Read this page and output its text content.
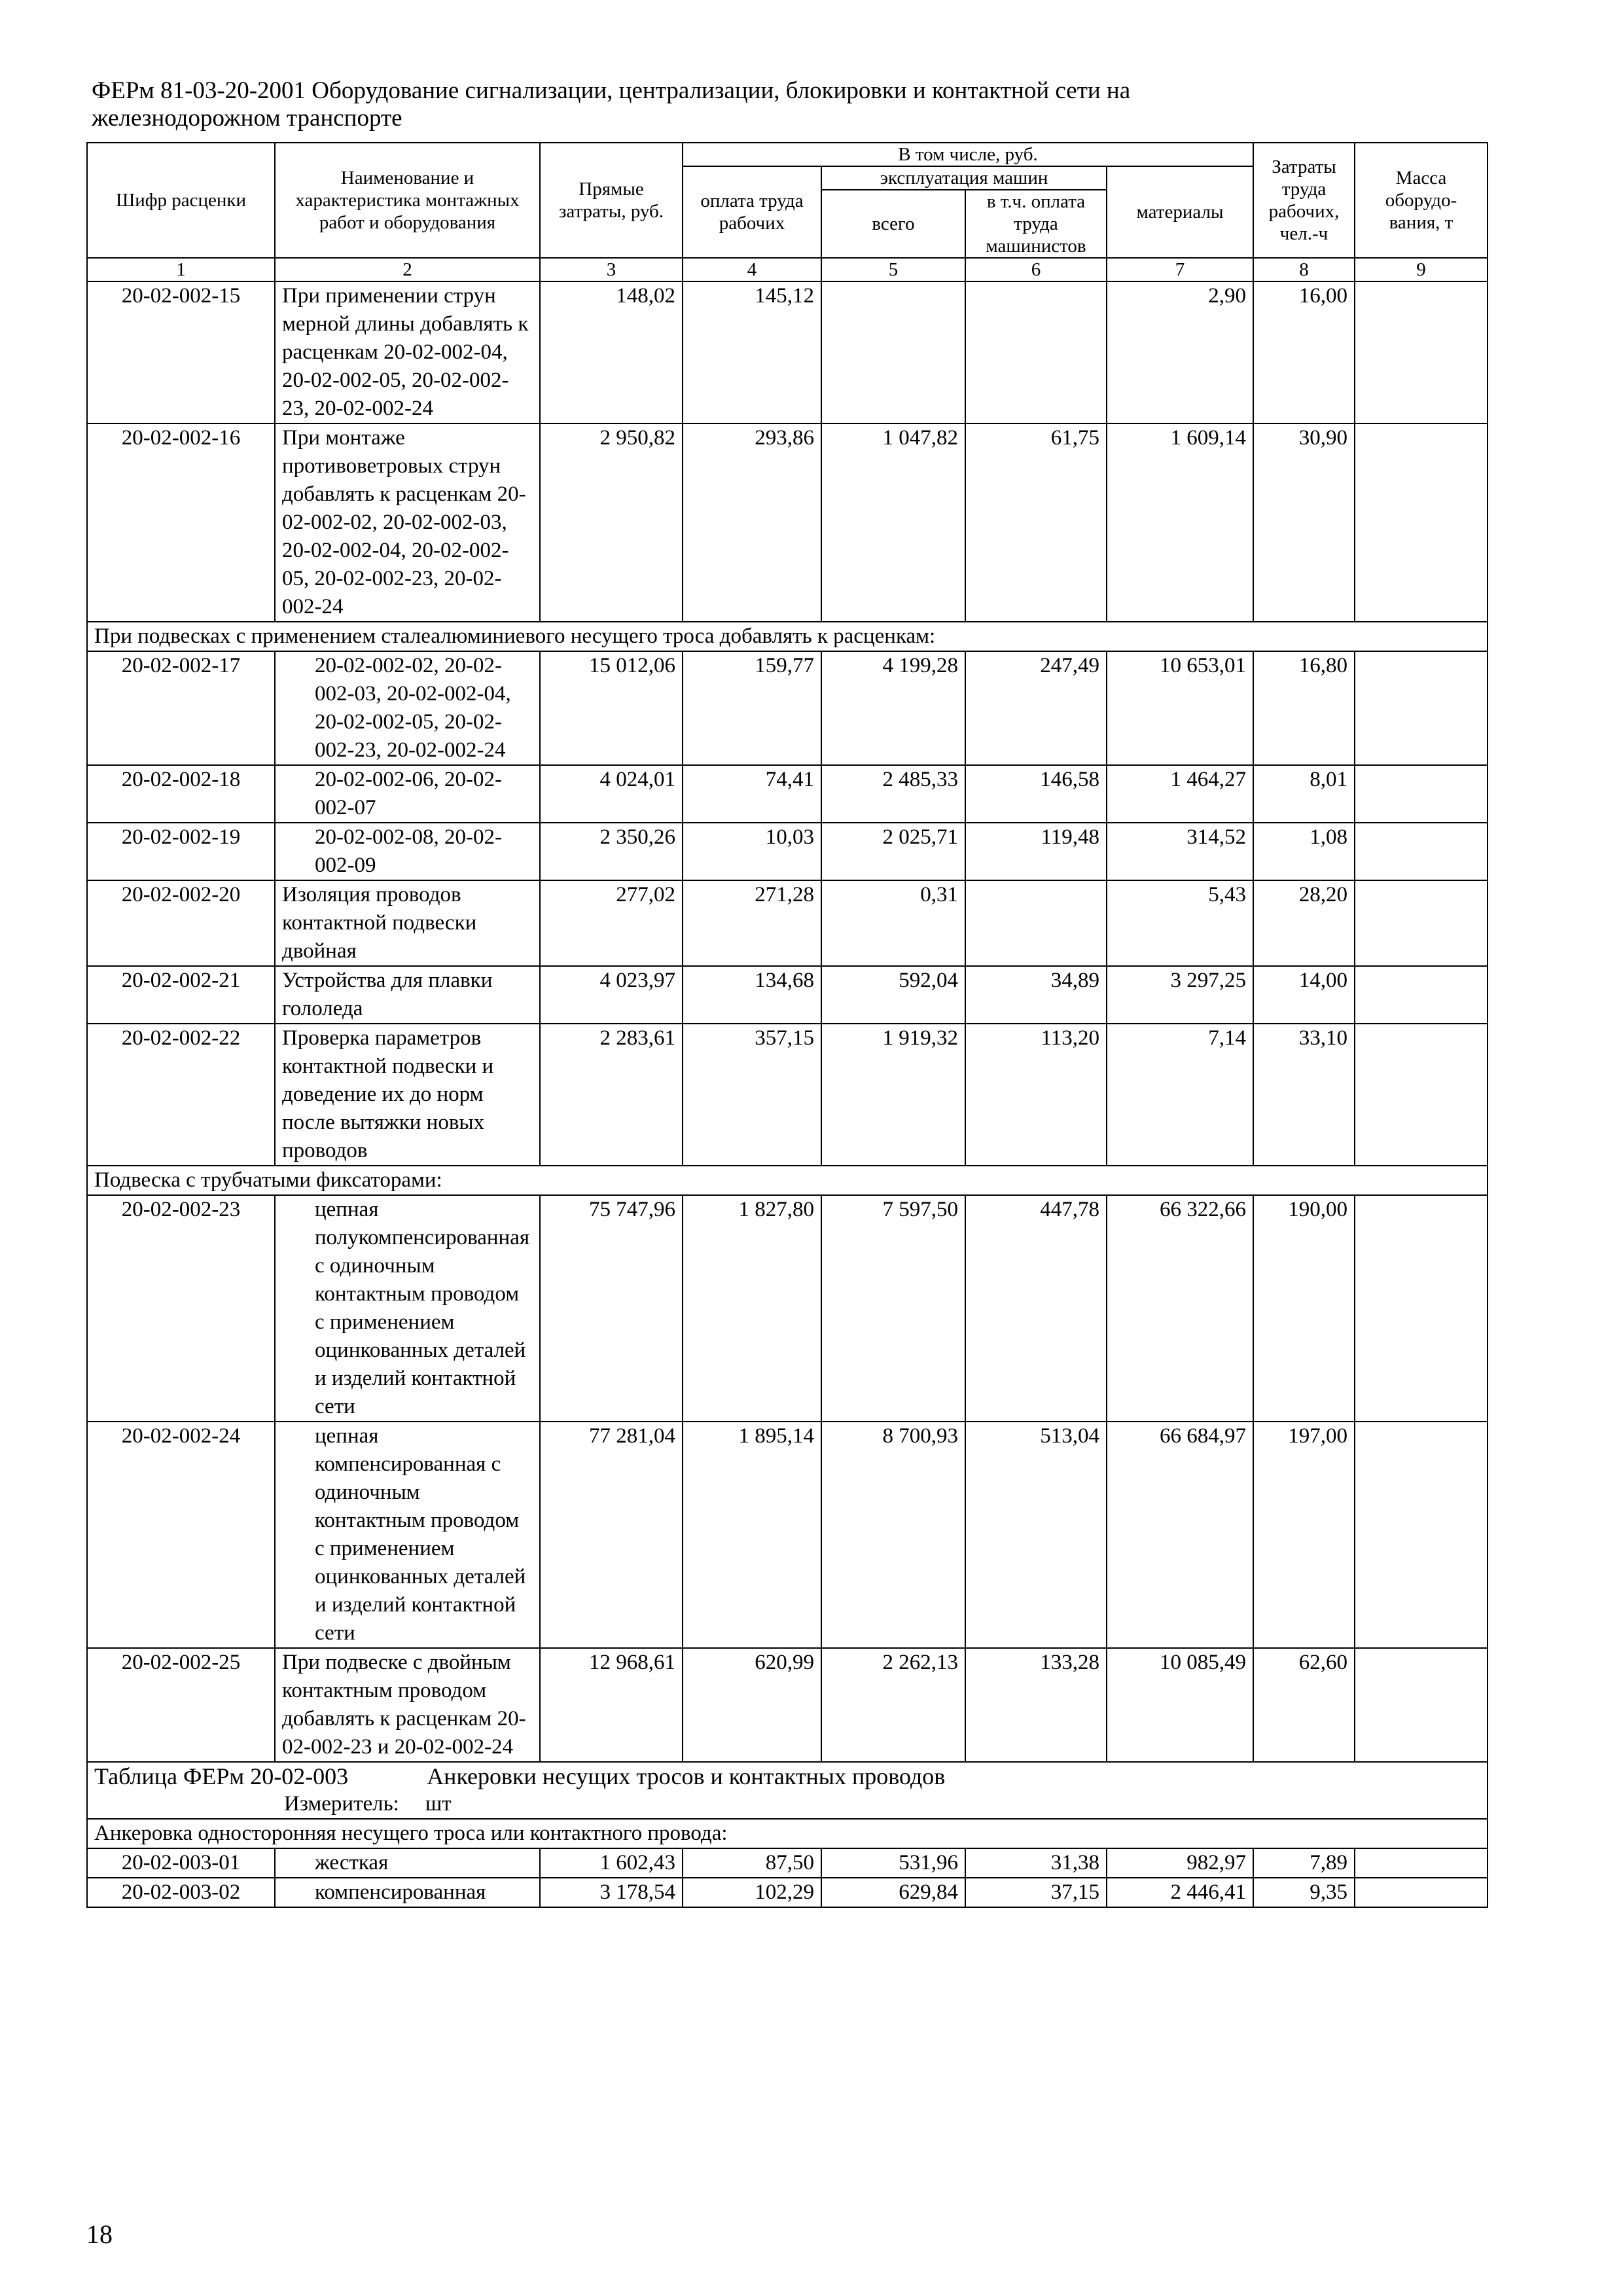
ФЕРм 81-03-20-2001 Оборудование сигнализации, централизации, блокировки и контактной сети на
железнодорожном транспорте
Шифр расценки	Наименование и характеристика монтажных работ и оборудования	Прямые затраты, руб.	В том числе, руб.				Затраты труда рабочих, чел.-ч	Масса оборудо- вания, т
			оплата труда рабочих	эксплуатация машин		материалы		
				всего	в т.ч. оплата труда машинистов			
1	2	3	4	5	6	7	8	9
20-02-002-15	При применении струн мерной длины добавлять к расценкам 20-02-002-04, 20-02-002-05, 20-02-002-23, 20-02-002-24	148,02	145,12			2,90	16,00	
20-02-002-16	При монтаже противоветровых струн добавлять к расценкам 20-02-002-02, 20-02-002-03, 20-02-002-04, 20-02-002-05, 20-02-002-23, 20-02-002-24	2 950,82	293,86	1 047,82	61,75	1 609,14	30,90	
При подвесках с применением сталеалюминиевого несущего троса добавлять к расценкам:								
20-02-002-17	20-02-002-02, 20-02-002-03, 20-02-002-04, 20-02-002-05, 20-02-002-23, 20-02-002-24	15 012,06	159,77	4 199,28	247,49	10 653,01	16,80	
20-02-002-18	20-02-002-06, 20-02-002-07	4 024,01	74,41	2 485,33	146,58	1 464,27	8,01	
20-02-002-19	20-02-002-08, 20-02-002-09	2 350,26	10,03	2 025,71	119,48	314,52	1,08	
20-02-002-20	Изоляция проводов контактной подвески двойная	277,02	271,28	0,31		5,43	28,20	
20-02-002-21	Устройства для плавки гололеда	4 023,97	134,68	592,04	34,89	3 297,25	14,00	
20-02-002-22	Проверка параметров контактной подвески и доведение их до норм после вытяжки новых проводов	2 283,61	357,15	1 919,32	113,20	7,14	33,10	
Подвеска с трубчатыми фиксаторами:								
20-02-002-23	цепная полукомпенсированная с одиночным контактным проводом с применением оцинкованных деталей и изделий контактной сети	75 747,96	1 827,80	7 597,50	447,78	66 322,66	190,00	
20-02-002-24	цепная компенсированная с одиночным контактным проводом с применением оцинкованных деталей и изделий контактной сети	77 281,04	1 895,14	8 700,93	513,04	66 684,97	197,00	
20-02-002-25	При подвеске с двойным контактным проводом добавлять к расценкам 20-02-002-23 и 20-02-002-24	12 968,61	620,99	2 262,13	133,28	10 085,49	62,60	
Таблица ФЕРм 20-02-003 Анкеровки несущих тросов и контактных проводов								
Измеритель: шт								
Анкеровка односторонняя несущего троса или контактного провода:								
20-02-003-01	жесткая	1 602,43	87,50	531,96	31,38	982,97	7,89	
20-02-003-02	компенсированная	3 178,54	102,29	629,84	37,15	2 446,41	9,35	
18
